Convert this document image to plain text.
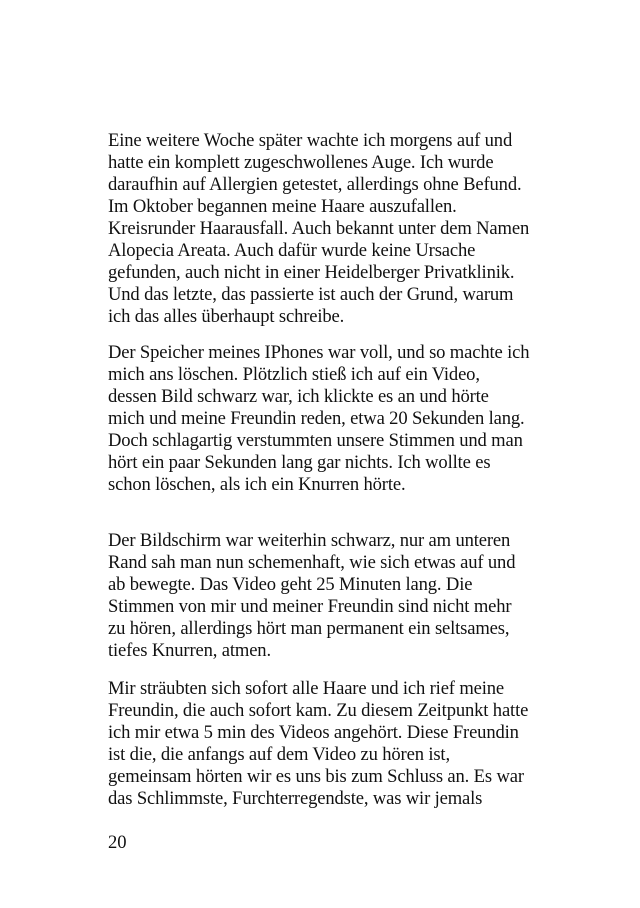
Eine weitere Woche später wachte ich morgens auf und
hatte ein komplett zugeschwollenes Auge. Ich wurde
daraufhin auf Allergien getestet, allerdings ohne Befund.
Im Oktober begannen meine Haare auszufallen.
Kreisrunder Haarausfall. Auch bekannt unter dem Namen
Alopecia Areata. Auch dafür wurde keine Ursache
gefunden, auch nicht in einer Heidelberger Privatklinik.
Und das letzte, das passierte ist auch der Grund, warum
ich das alles überhaupt schreibe.
Der Speicher meines IPhones war voll, und so machte ich
mich ans löschen. Plötzlich stieß ich auf ein Video,
dessen Bild schwarz war, ich klickte es an und hörte
mich und meine Freundin reden, etwa 20 Sekunden lang.
Doch schlagartig verstummten unsere Stimmen und man
hört ein paar Sekunden lang gar nichts. Ich wollte es
schon löschen, als ich ein Knurren hörte.
Der Bildschirm war weiterhin schwarz, nur am unteren
Rand sah man nun schemenhaft, wie sich etwas auf und
ab bewegte. Das Video geht 25 Minuten lang. Die
Stimmen von mir und meiner Freundin sind nicht mehr
zu hören, allerdings hört man permanent ein seltsames,
tiefes Knurren, atmen.
Mir sträubten sich sofort alle Haare und ich rief meine
Freundin, die auch sofort kam. Zu diesem Zeitpunkt hatte
ich mir etwa 5 min des Videos angehört. Diese Freundin
ist die, die anfangs auf dem Video zu hören ist,
gemeinsam hörten wir es uns bis zum Schluss an. Es war
das Schlimmste, Furchterregendste, was wir jemals
20
